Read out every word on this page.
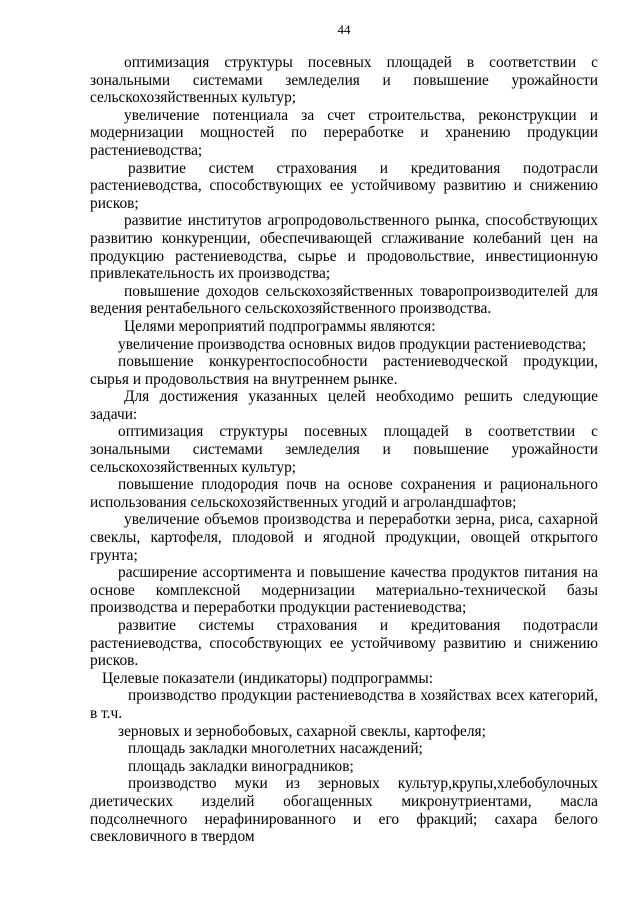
44

оптимизация структуры посевных площадей в соответствии с зональными системами земледелия и повышение урожайности сельскохозяйственных культур;

увеличение потенциала за счет строительства, реконструкции и модернизации мощностей по переработке и хранению продукции растениеводства;

развитие систем страхования и кредитования подотрасли растениеводства, способствующих ее устойчивому развитию и снижению рисков;

развитие институтов агропродовольственного рынка, способствующих развитию конкуренции, обеспечивающей сглаживание колебаний цен на продукцию растениеводства, сырье и продовольствие, инвестиционную привлекательность их производства;

повышение доходов сельскохозяйственных товаропроизводителей для ведения рентабельного сельскохозяйственного производства.

Целями мероприятий подпрограммы являются:

увеличение производства основных видов продукции растениеводства;

повышение конкурентоспособности растениеводческой продукции, сырья и продовольствия на внутреннем рынке.

Для достижения указанных целей необходимо решить следующие задачи:

оптимизация структуры посевных площадей в соответствии с зональными системами земледелия и повышение урожайности сельскохозяйственных культур;

повышение плодородия почв на основе сохранения и рационального использования сельскохозяйственных угодий и агроландшафтов;

увеличение объемов производства и переработки зерна, риса, сахарной свеклы, картофеля, плодовой и ягодной продукции, овощей открытого грунта;

расширение ассортимента и повышение качества продуктов питания на основе комплексной модернизации материально-технической базы производства и переработки продукции растениеводства;

развитие системы страхования и кредитования подотрасли растениеводства, способствующих ее устойчивому развитию и снижению рисков.

Целевые показатели (индикаторы) подпрограммы:

производство продукции растениеводства в хозяйствах всех категорий, в т.ч.

зерновых и зернобобовых, сахарной свеклы, картофеля;

площадь закладки многолетних насаждений;

площадь закладки виноградников;

производство муки из зерновых культур,крупы,хлебобулочных диетических изделий обогащенных микронутриентами, масла подсолнечного нерафинированного и его фракций; сахара белого свекловичного в твердом
